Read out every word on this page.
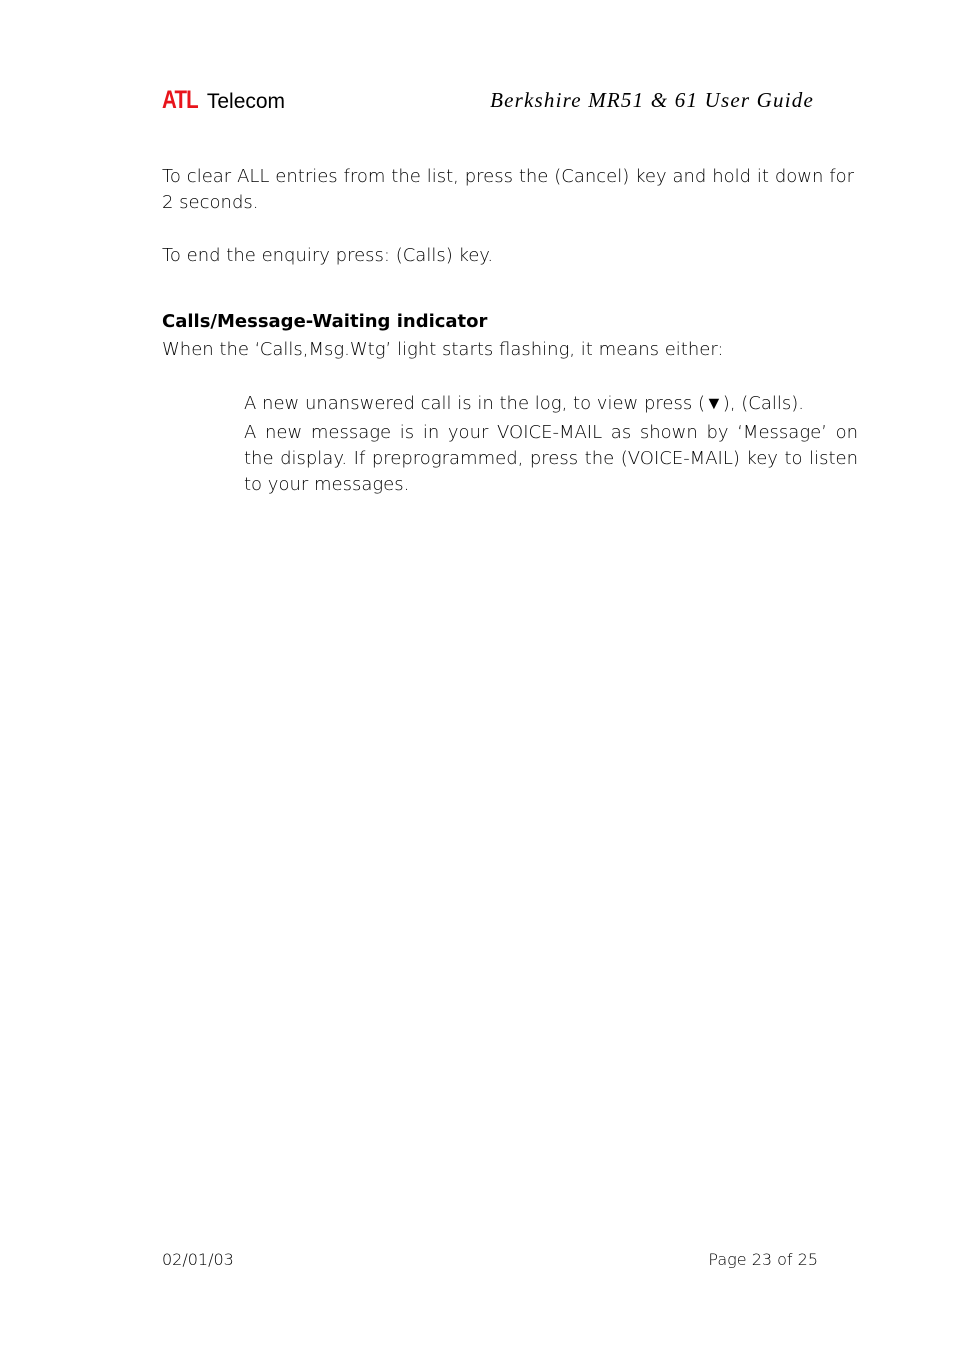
ATL Telecom	Berkshire MR51 & 61 User Guide

To clear ALL entries from the list, press the (Cancel) key and hold it down for 2 seconds.

To end the enquiry press: (Calls) key.

Calls/Message-Waiting indicator

When the ‘Calls,Msg.Wtg’ light starts flashing, it means either:

A new unanswered call is in the log, to view press (▼), (Calls).

A new message is in your VOICE-MAIL as shown by ‘Message’ on the display. If preprogrammed, press the (VOICE-MAIL) key to listen to your messages.

02/01/03	Page 23 of 25
